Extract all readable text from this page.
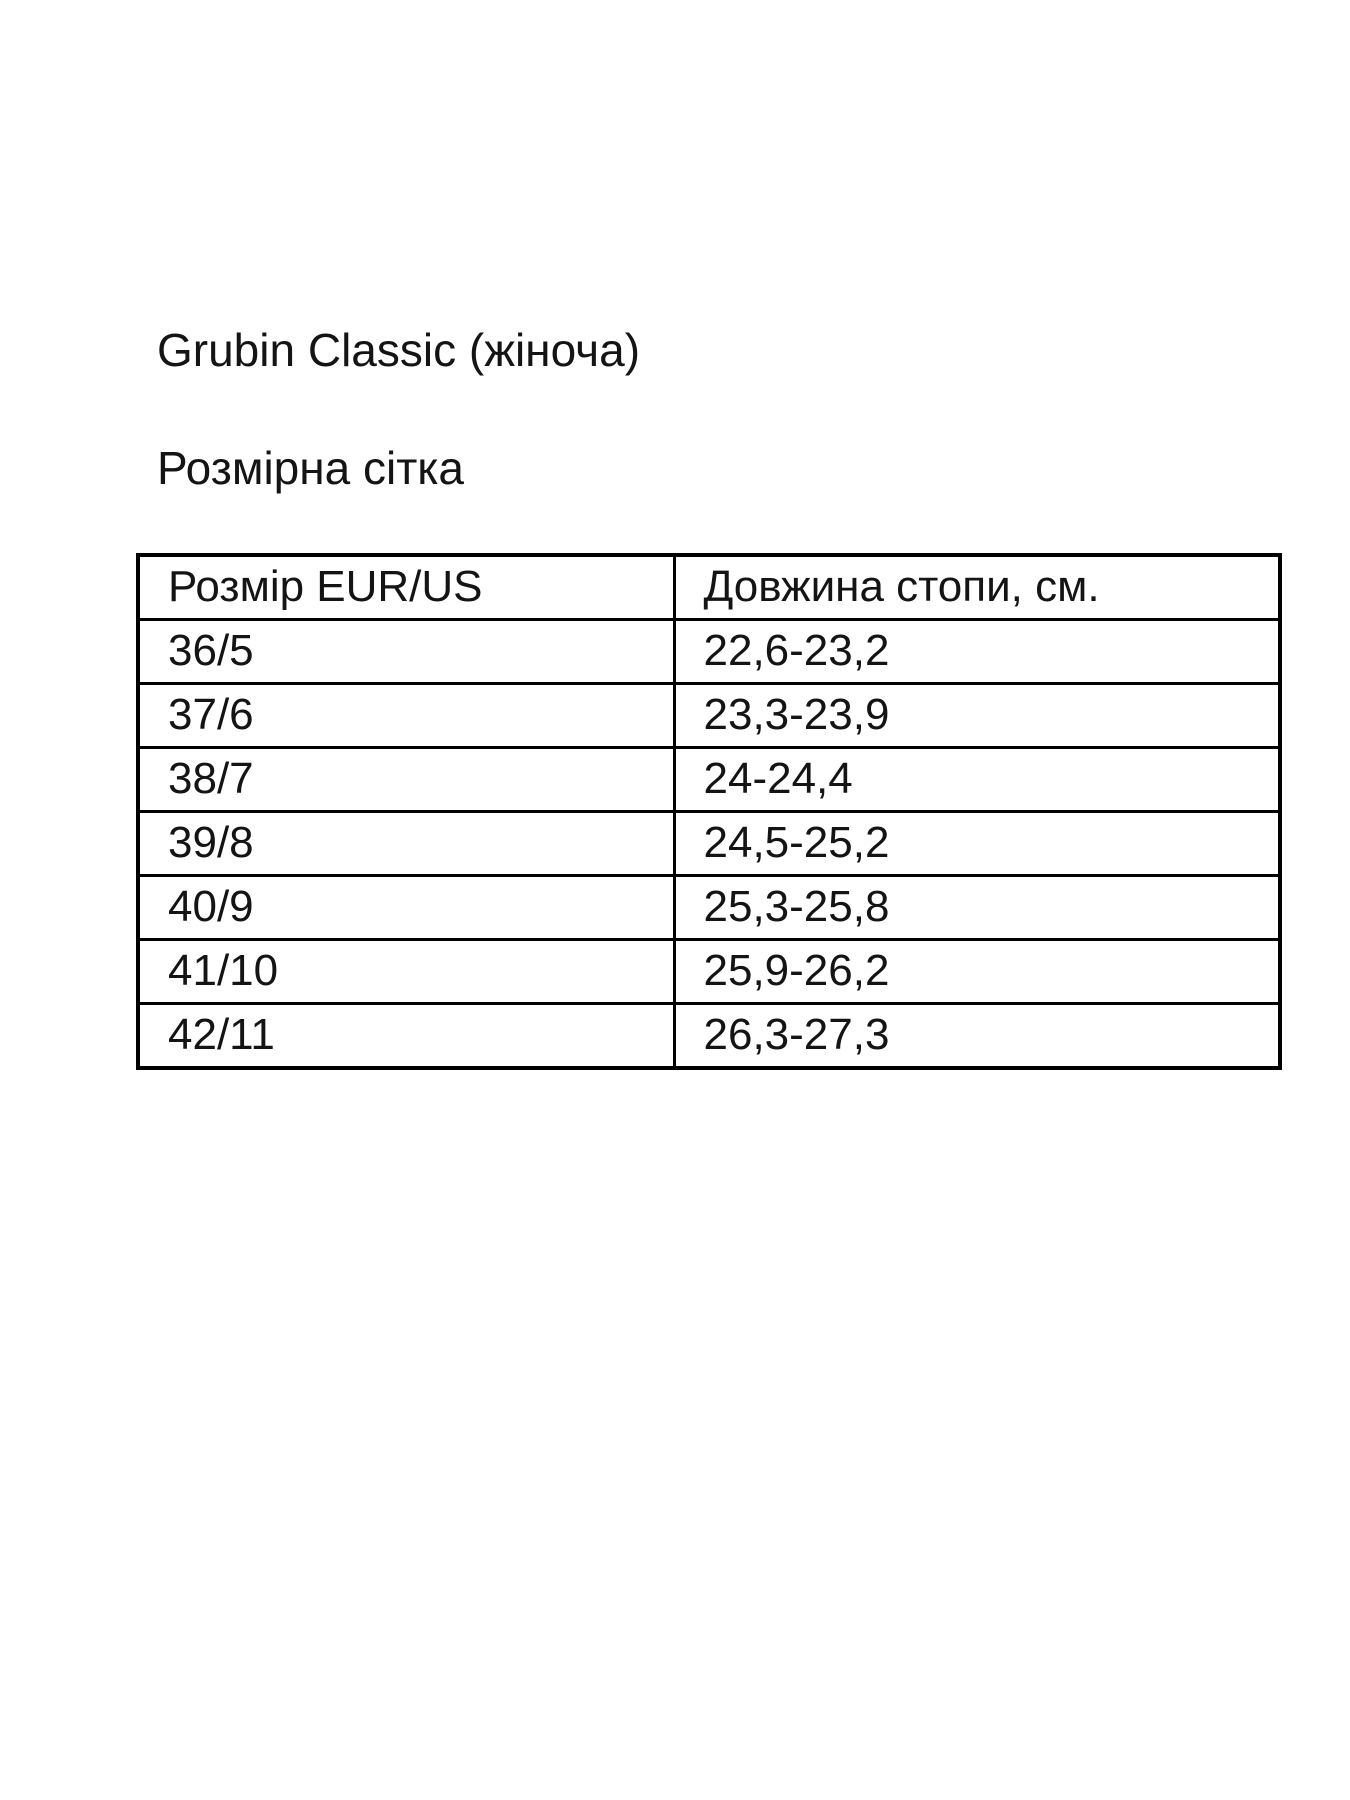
Grubin Classic (жіноча)
Розмірна сітка
Розмір EUR/US	Довжина стопи, см.
36/5	22,6-23,2
37/6	23,3-23,9
38/7	24-24,4
39/8	24,5-25,2
40/9	25,3-25,8
41/10	25,9-26,2
42/11	26,3-27,3
